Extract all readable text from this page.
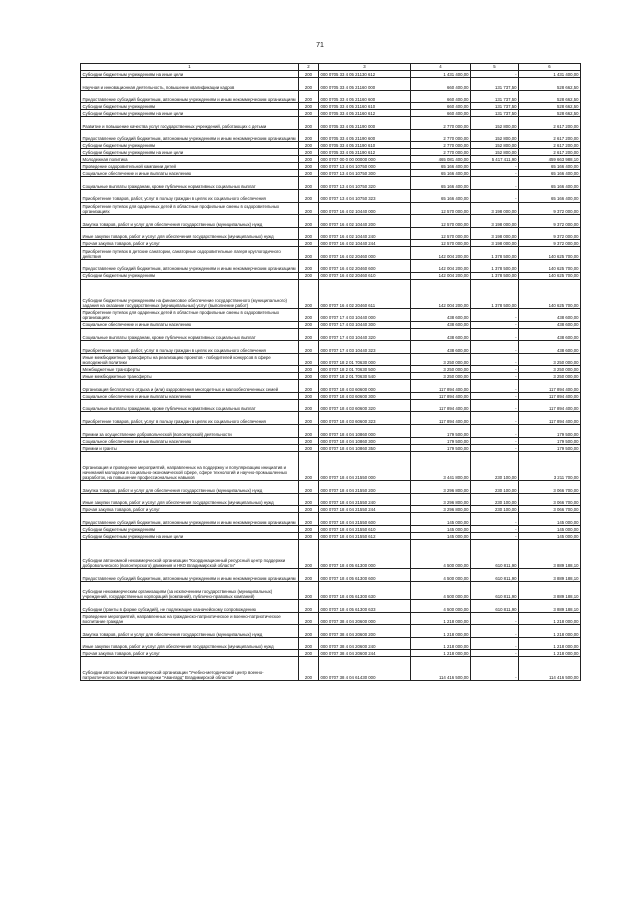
71
1	2	3	4	5	6
Субсидии бюджетным учреждениям на иные цели	200	000 0705 33 4 05 21130 612	1 431 400,00	-	1 431 400,00
Научная и инновационная деятельность, повышение квалификации кадров	200	000 0705 33 4 05 21160 000	660 400,00	131 737,50	528 662,50
Предоставление субсидий бюджетным, автономным учреждениям и иным некоммерческим организациям	200	000 0705 33 4 05 21160 600	660 400,00	131 737,50	528 662,50
Субсидии бюджетным учреждениям	200	000 0705 33 4 05 21160 610	660 400,00	131 737,50	528 662,50
Субсидии бюджетным учреждениям на иные цели	200	000 0705 33 4 05 21160 612	660 400,00	131 737,50	528 662,50
Развитие и повышение качества услуг государственных учреждений, работающих с детьми	200	000 0705 33 4 05 21190 000	2 770 000,00	152 800,00	2 617 200,00
Предоставление субсидий бюджетным, автономным учреждениям и иным некоммерческим организациям	200	000 0705 33 4 05 21190 600	2 770 000,00	152 800,00	2 617 200,00
Субсидии бюджетным учреждениям	200	000 0705 33 4 05 21190 610	2 770 000,00	152 800,00	2 617 200,00
Субсидии бюджетным учреждениям на иные цели	200	000 0705 33 4 05 21190 612	2 770 000,00	152 800,00	2 617 200,00
Молодежная политика	200	000 0707 00 0 00 00000 000	465 081 400,00	5 417 411,90	459 663 988,10
Проведение оздоровительной кампании детей	200	000 0707 13 4 04 10750 000	65 166 400,00	-	65 166 400,00
Социальное обеспечение и иные выплаты населению	200	000 0707 13 4 04 10750 300	65 166 400,00	-	65 166 400,00
Социальные выплаты гражданам, кроме публичных нормативных социальных выплат	200	000 0707 13 4 04 10750 320	65 166 400,00	-	65 166 400,00
Приобретение товаров, работ, услуг в пользу граждан в целях их социального обеспечения	200	000 0707 13 4 04 10750 323	65 166 400,00	-	65 166 400,00
Приобретение путевок для одаренных детей в областные профильные смены в оздоровительных организациях	200	000 0707 16 4 02 10440 000	12 570 000,00	3 198 000,00	9 372 000,00
Закупка товаров, работ и услуг для обеспечения государственных (муниципальных) нужд	200	000 0707 16 4 02 10440 200	12 570 000,00	3 198 000,00	9 372 000,00
Иные закупки товаров, работ и услуг для обеспечения государственных (муниципальных) нужд	200	000 0707 16 4 02 10440 240	12 570 000,00	3 198 000,00	9 372 000,00
Прочая закупка товаров, работ и услуг	200	000 0707 16 4 02 10440 244	12 570 000,00	3 198 000,00	9 372 000,00
Приобретение путевок в детские санатории, санаторные оздоровительные лагеря круглогодичного действия	200	000 0707 16 4 02 20460 000	142 004 200,00	1 378 500,00	140 625 700,00
Предоставление субсидий бюджетным, автономным учреждениям и иным некоммерческим организациям	200	000 0707 16 4 02 20460 600	142 004 200,00	1 378 500,00	140 625 700,00
Субсидии бюджетным учреждениям	200	000 0707 16 4 02 20460 610	142 004 200,00	1 378 500,00	140 625 700,00
Субсидии бюджетным учреждениям на финансовое обеспечение государственного (муниципального) задания на оказание государственных (муниципальных) услуг (выполнение работ)	200	000 0707 16 4 02 20460 611	142 004 200,00	1 378 500,00	140 625 700,00
Приобретение путевок для одаренных детей в областные профильные смены в оздоровительных организациях	200	000 0707 17 4 03 10440 000	438 600,00	-	438 600,00
Социальное обеспечение и иные выплаты населению	200	000 0707 17 4 03 10440 300	438 600,00	-	438 600,00
Социальные выплаты гражданам, кроме публичных нормативных социальных выплат	200	000 0707 17 4 03 10440 320	438 600,00	-	438 600,00
Приобретение товаров, работ, услуг в пользу граждан в целях их социального обеспечения	200	000 0707 17 4 03 10440 323	438 600,00	-	438 600,00
Иные межбюджетные трансферты на реализацию проектов - победителей конкурсов в сфере молодежной политики	200	000 0707 18 2 01 70630 000	3 250 000,00	-	3 250 000,00
Межбюджетные трансферты	200	000 0707 18 2 01 70630 500	3 250 000,00	-	3 250 000,00
Иные межбюджетные трансферты	200	000 0707 18 2 01 70630 540	3 250 000,00	-	3 250 000,00
Организация бесплатного отдыха и (или) оздоровления многодетных и малообеспеченных семей	200	000 0707 18 4 03 60600 000	117 894 400,00	-	117 894 400,00
Социальное обеспечение и иные выплаты населению	200	000 0707 18 4 03 60600 300	117 894 400,00	-	117 894 400,00
Социальные выплаты гражданам, кроме публичных нормативных социальных выплат	200	000 0707 18 4 03 60600 320	117 894 400,00	-	117 894 400,00
Приобретение товаров, работ, услуг в пользу граждан в целях их социального обеспечения	200	000 0707 18 4 03 60600 323	117 894 400,00	-	117 894 400,00
Премии за осуществление добровольческой (волонтерской) деятельности	200	000 0707 18 4 04 10860 000	179 500,00	-	179 500,00
Социальное обеспечение и иные выплаты населению	200	000 0707 18 4 04 10860 300	179 500,00	-	179 500,00
Премии и гранты	200	000 0707 18 4 04 10860 350	179 500,00	-	179 500,00
Организация и проведение мероприятий, направленных на поддержку и популяризацию инициатив и начинаний молодежи в социально-экономической сфере, сфере технологий и научно-промышленных разработок, на повышение профессиональных навыков	200	000 0707 18 4 04 21550 000	3 441 800,00	230 100,00	3 211 700,00
Закупка товаров, работ и услуг для обеспечения государственных (муниципальных) нужд	200	000 0707 18 4 04 21550 200	3 296 800,00	230 100,00	3 066 700,00
Иные закупки товаров, работ и услуг для обеспечения государственных (муниципальных) нужд	200	000 0707 18 4 04 21550 240	3 296 800,00	230 100,00	3 066 700,00
Прочая закупка товаров, работ и услуг	200	000 0707 18 4 04 21550 244	3 296 800,00	230 100,00	3 066 700,00
Предоставление субсидий бюджетным, автономным учреждениям и иным некоммерческим организациям	200	000 0707 18 4 04 21550 600	145 000,00	-	145 000,00
Субсидии бюджетным учреждениям	200	000 0707 18 4 04 21550 610	145 000,00	-	145 000,00
Субсидии бюджетным учреждениям на иные цели	200	000 0707 18 4 04 21550 612	145 000,00	-	145 000,00
Субсидии автономной некоммерческой организации "Координационный ресурсный центр поддержки добровольческого (волонтерского) движения и НКО Владимирской области"	200	000 0707 18 4 05 61300 000	4 500 000,00	610 811,90	3 889 188,10
Предоставление субсидий бюджетным, автономным учреждениям и иным некоммерческим организациям	200	000 0707 18 4 05 61300 600	4 500 000,00	610 811,90	3 889 188,10
Субсидии некоммерческим организациям (за исключением государственных (муниципальных) учреждений, государственных корпораций (компаний), публично-правовых компаний)	200	000 0707 18 4 05 61300 630	4 500 000,00	610 811,90	3 889 188,10
Субсидии (гранты в форме субсидий), не подлежащие казначейскому сопровождению	200	000 0707 18 4 05 61300 633	4 500 000,00	610 811,90	3 889 188,10
Проведение мероприятий, направленных на гражданско-патриотическое и военно-патриотическое воспитание граждан	200	000 0707 38 4 04 20600 000	1 218 000,00	-	1 218 000,00
Закупка товаров, работ и услуг для обеспечения государственных (муниципальных) нужд	200	000 0707 38 4 04 20600 200	1 218 000,00	-	1 218 000,00
Иные закупки товаров, работ и услуг для обеспечения государственных (муниципальных) нужд	200	000 0707 38 4 04 20600 240	1 218 000,00	-	1 218 000,00
Прочая закупка товаров, работ и услуг	200	000 0707 38 4 04 20600 244	1 218 000,00	-	1 218 000,00
Субсидии автономной некоммерческой организации "Учебно-методический центр военно-патриотического воспитания молодежи "Авангард" Владимирской области"	200	000 0707 38 4 04 61430 000	114 416 500,00	-	114 416 500,00
